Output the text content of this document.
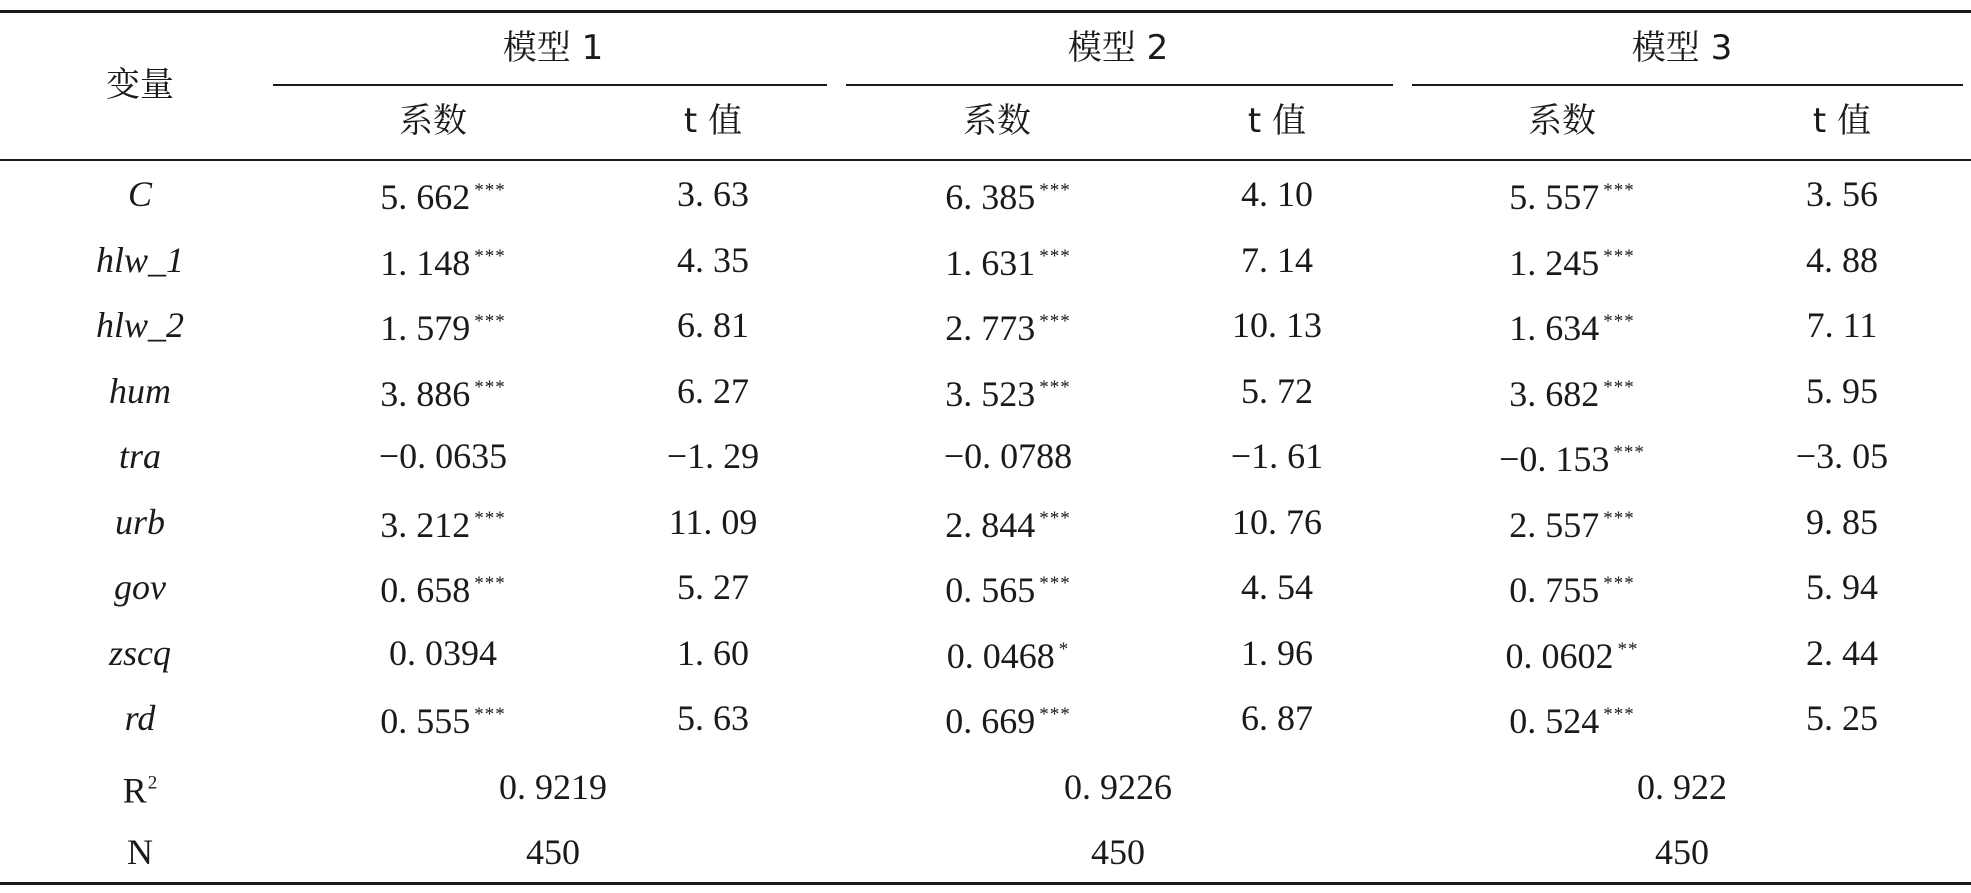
变量
模型 1	模型 2	模型 3
系数	t 值	系数	t 值	系数	t 值
$R^2$	0. 9219	0. 9226	0. 922
N	450	450	450
C	5. 662 ***	3. 63	6. 385 ***	4. 10	5. 557 ***	3. 56
hlw_1	1. 148 ***	4. 35	1. 631 ***	7. 14	1. 245 ***	4. 88
hlw_2	1. 579 ***	6. 81	2. 773 ***	10. 13	1. 634 ***	7. 11
hum	3. 886 ***	6. 27	3. 523 ***	5. 72	3. 682 ***	5. 95
tra	−0. 0635	−1. 29	−0. 0788	−1. 61	−0. 153 ***	−3. 05
urb	3. 212 ***	11. 09	2. 844 ***	10. 76	2. 557 ***	9. 85
gov	0. 658 ***	5. 27	0. 565 ***	4. 54	0. 755 ***	5. 94
zscq	0. 0394	1. 60	0. 0468 *	1. 96	0. 0602 **	2. 44
rd	0. 555 ***	5. 63	0. 669 ***	6. 87	0. 524 ***	5. 25
